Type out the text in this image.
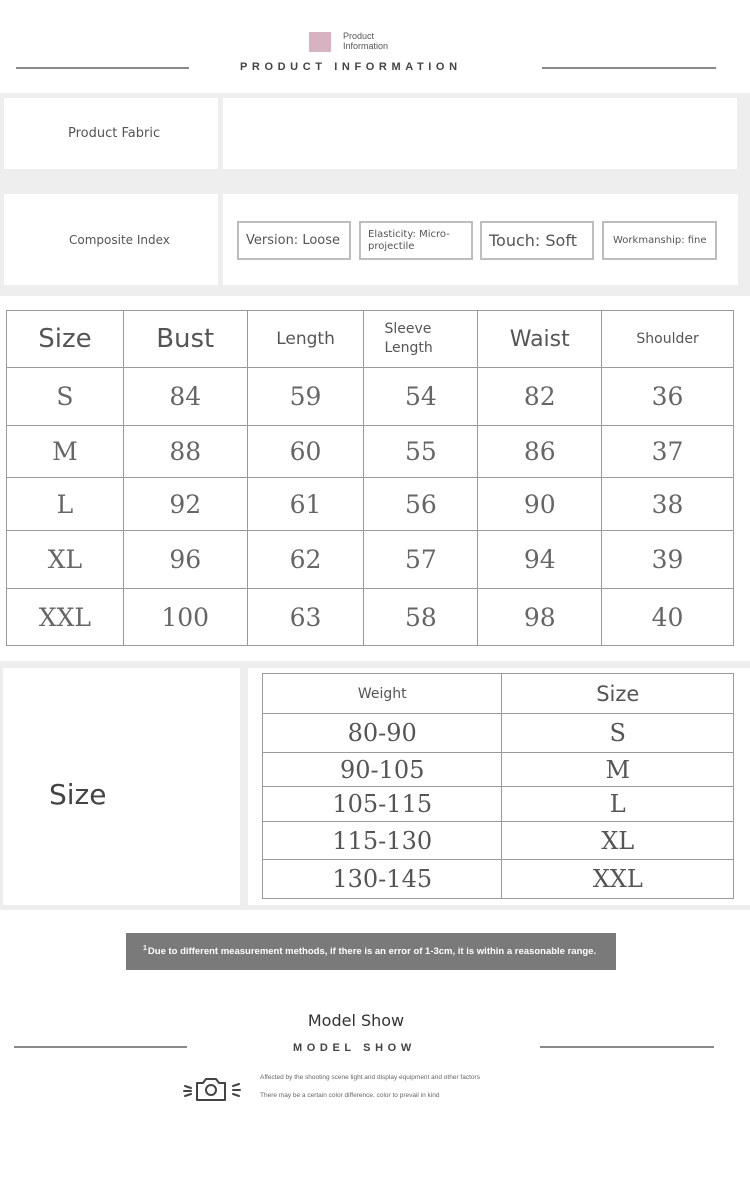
Product
Information
PRODUCT INFORMATION
Product Fabric
Composite Index	Version: Loose	Elasticity: Micro-projectile	Touch: Soft	Workmanship: fine
Size	Bust	Length	Sleeve Length	Waist	Shoulder
S	84	59	54	82	36
M	88	60	55	86	37
L	92	61	56	90	38
XL	96	62	57	94	39
XXL	100	63	58	98	40
Size
Weight	Size
80-90	S
90-105	M
105-115	L
115-130	XL
130-145	XXL
$^1$ Due to different measurement methods, if there is an error of 1-3cm, it is within a reasonable range.
Model Show
MODEL SHOW
Affected by the shooting scene light and display equipment and other factors
There may be a certain color difference, color to prevail in kind
